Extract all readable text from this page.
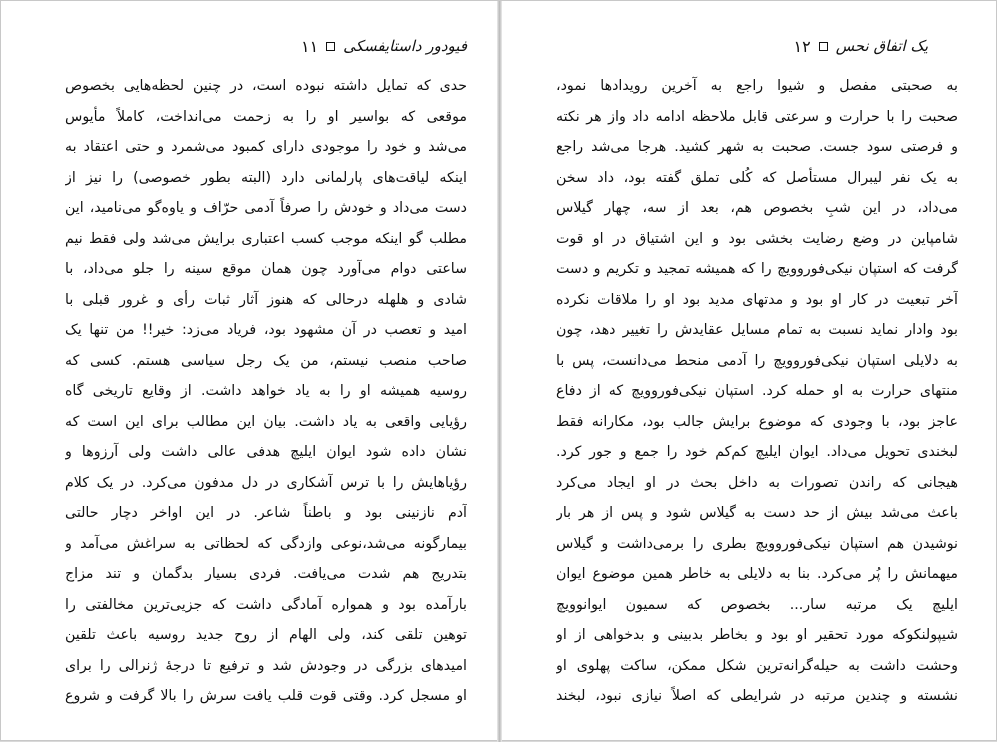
فیودور داستایفسکی
۱۱
حدی که تمایل داشته نبوده است، در چنین لحظه‌هایی بخصوص
موقعی که بواسیر او را به زحمت می‌انداخت، کاملاً مأیوس
می‌شد و خود را موجودی دارای کمبود می‌شمرد و حتی اعتقاد به
اینکه لیاقت‌های پارلمانی دارد (البته بطور خصوصی) را نیز از
دست می‌داد و خودش را صرفاً آدمی حرّاف و یاوه‌گو می‌نامید، این
مطلب گو اینکه موجب کسب اعتباری برایش می‌شد ولی فقط نیم
ساعتی دوام می‌آورد چون همان موقع سینه را جلو می‌داد، با
شادی و هلهله درحالی که هنوز آثار ثبات رأی و غرور قبلی با
امید و تعصب در آن مشهود بود، فریاد می‌زد: خیر!! من تنها یک
صاحب منصب نیستم، من یک رجل سیاسی هستم. کسی که
روسیه همیشه او را به یاد خواهد داشت. از وقایع تاریخی گاه
رؤیایی واقعی به یاد داشت. بیان این مطالب برای این است که
نشان داده شود ایوان ایلیچ هدفی عالی داشت ولی آرزوها و
رؤیاهایش را با ترس آشکاری در دل مدفون می‌کرد. در یک کلام
آدم نازنینی بود و باطناً شاعر. در این اواخر دچار حالتی
بیمارگونه می‌شد،نوعی وازدگی که لحظاتی به سراغش می‌آمد و
بتدریج هم شدت می‌یافت. فردی بسیار بدگمان و تند مزاج
بارآمده بود و همواره آمادگی داشت که جزیی‌ترین مخالفتی را
توهین تلقی کند، ولی الهام از روح جدید روسیه باعث تلقین
امیدهای بزرگی در وجودش شد و ترفیع تا درجهٔ ژنرالی را برای
او مسجل کرد. وقتی قوت قلب یافت سرش را بالا گرفت و شروع
یک اتفاق نحس
۱۲
به صحبتی مفصل و شیوا راجع به آخرین رویدادها نمود،
صحبت را با حرارت و سرعتی قابل ملاحظه ادامه داد واز هر نکته
و فرصتی سود جست. صحبت به شهر کشید. هرجا می‌شد راجع
به یک نفر لیبرال مستأصل که کُلی تملق گفته بود، داد سخن
می‌داد، در این شبِ بخصوص هم، بعد از سه، چهار گیلاس
شامپاین در وضع رضایت بخشی بود و این اشتیاق در او قوت
گرفت که استپان نیکی‌فوروویچ را که همیشه تمجید و تکریم و دست
آخر تبعیت در کار او بود و مدتهای مدید بود او را ملاقات نکرده
بود وادار نماید نسبت به تمام مسایل عقایدش را تغییر دهد، چون
به دلایلی استپان نیکی‌فوروویچ را آدمی منحط می‌دانست، پس با
منتهای حرارت به او حمله کرد. استپان نیکی‌فوروویچ که از دفاع
عاجز بود، با وجودی که موضوع برایش جالب بود، مکارانه فقط
لبخندی تحویل می‌داد. ایوان ایلیچ کم‌کم خود را جمع و جور کرد.
هیجانی که راندن تصورات به داخل بحث در او ایجاد می‌کرد
باعث می‌شد بیش از حد دست به گیلاس شود و پس از هر بار
نوشیدن هم استپان نیکی‌فوروویچ بطری را برمی‌داشت و گیلاس
میهمانش را پُر می‌کرد. بنا به دلایلی به خاطر همین موضوع ایوان
ایلیچ یک مرتبه سار... بخصوص که سمیون ایوانوویچ
شیپولنکوکه مورد تحقیر او بود و بخاطر بدبینی و بدخواهی از او
وحشت داشت به حیله‌گرانه‌ترین شکل ممکن، ساکت پهلوی او
نشسته و چندین مرتبه در شرایطی که اصلاً نیازی نبود، لبخند
